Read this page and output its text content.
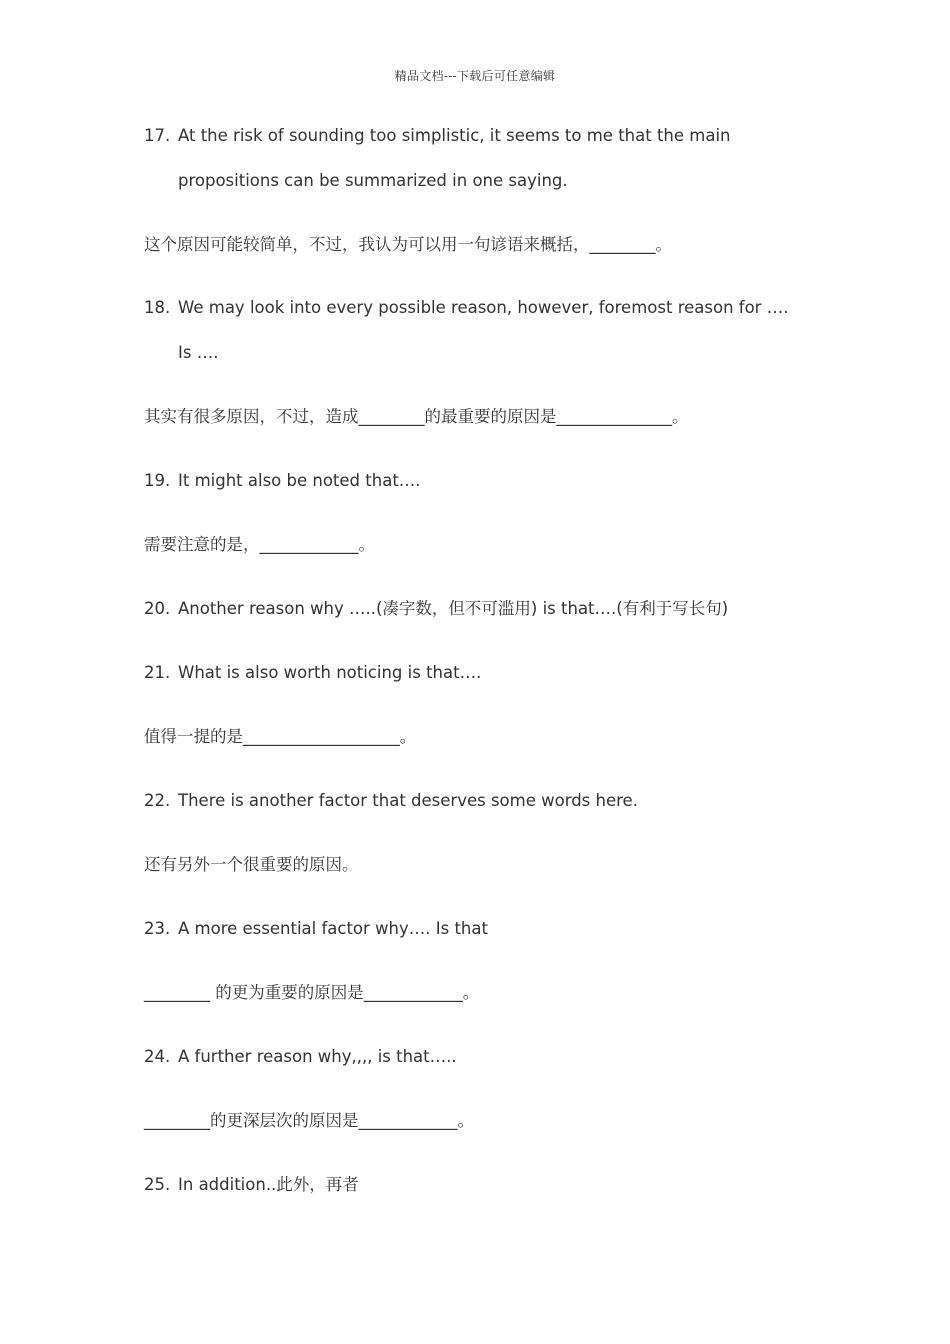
精品文档---下载后可任意编辑
17. At the risk of sounding too simplistic, it seems to me that the main
propositions can be summarized in one saying.
这个原因可能较简单，不过，我认为可以用一句谚语来概括，________。
18. We may look into every possible reason, however, foremost reason for ….
Is ….
其实有很多原因，不过，造成________的最重要的原因是______________。
19. It might also be noted that….
需要注意的是，____________。
20. Another reason why …..(凑字数，但不可滥用) is that….(有利于写长句)
21. What is also worth noticing is that….
值得一提的是___________________。
22. There is another factor that deserves some words here.
还有另外一个很重要的原因。
23. A more essential factor why…. Is that
________ 的更为重要的原因是____________。
24. A further reason why,,,, is that…..
________的更深层次的原因是____________。
25. In addition..此外，再者
